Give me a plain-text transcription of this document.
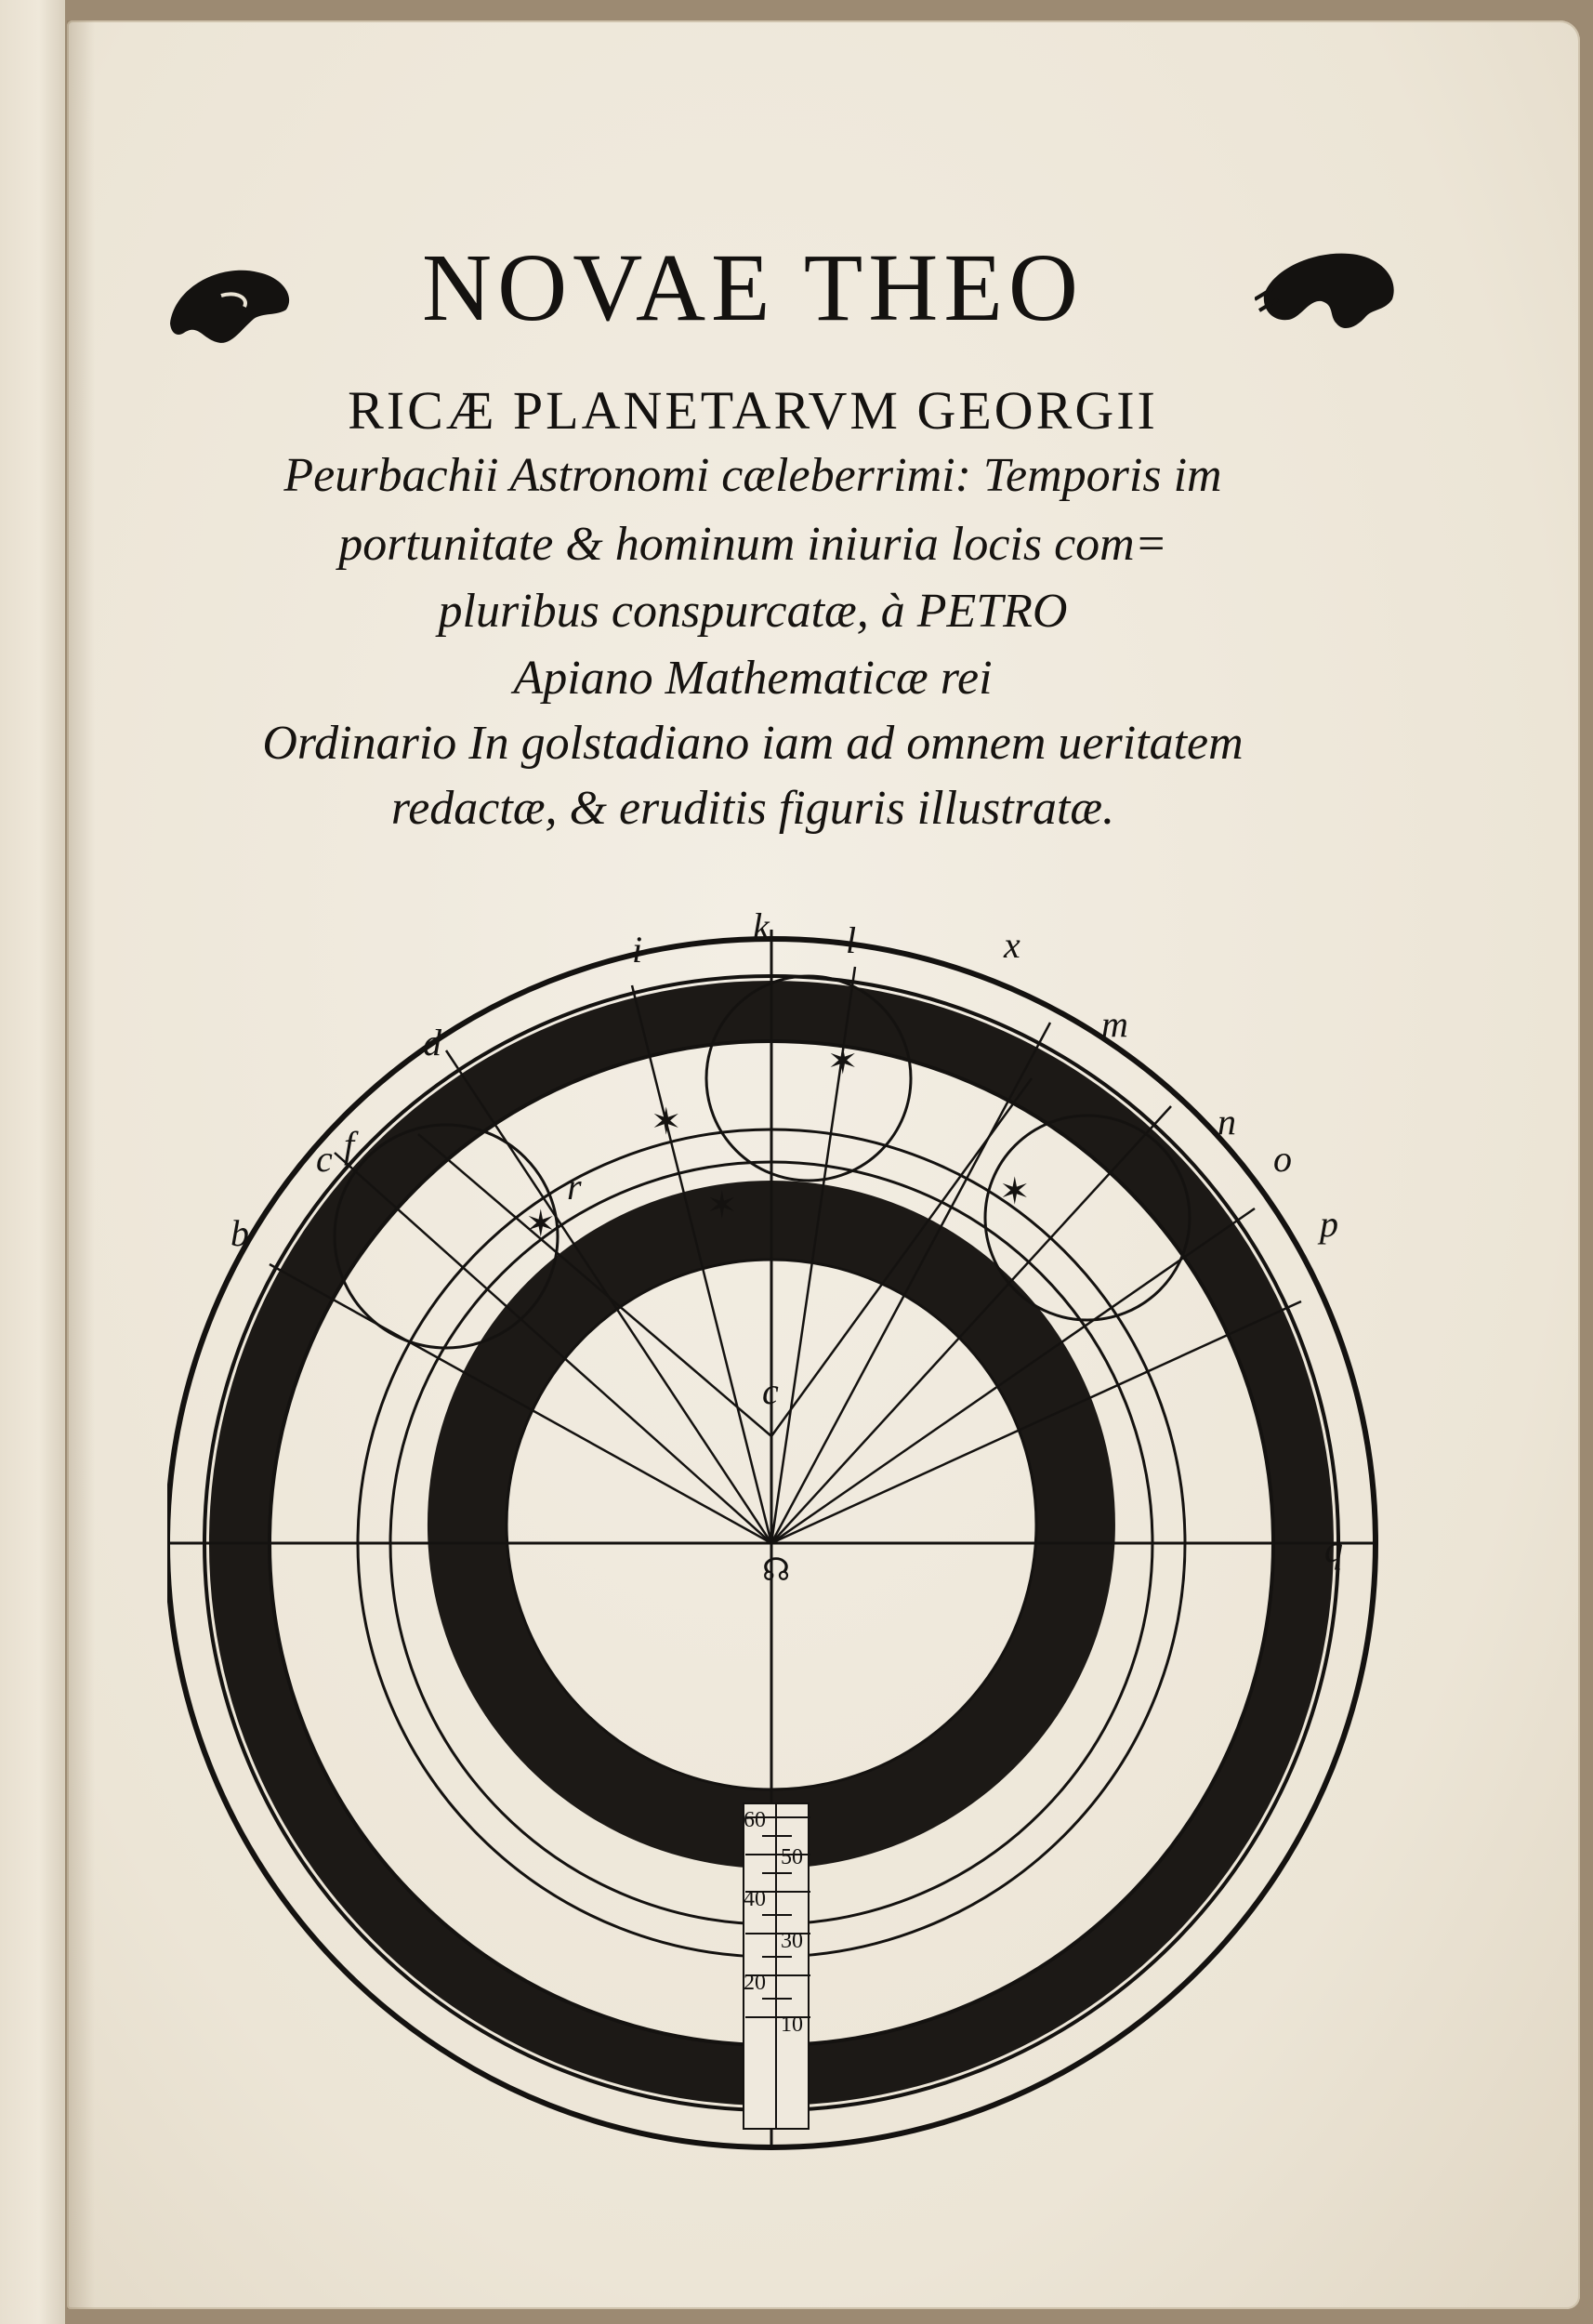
NOVAE THEO
RICÆ PLANETARVM GEORGII
Peurbachii Astronomi cæleberrimi: Temporis im
portunitate & hominum iniuria locis com=
pluribus conspurcatæ, à PETRO
Apiano Mathematicæ rei
Ordinario In golstadiano iam ad omnem ueritatem
redactæ, & eruditis figuris illustratæ.
✶	✶
✶
✶
✶
b
c f
d
i
k l	x
m
n
o
p
q
r
c
☊
60
40
20
50
30
10
